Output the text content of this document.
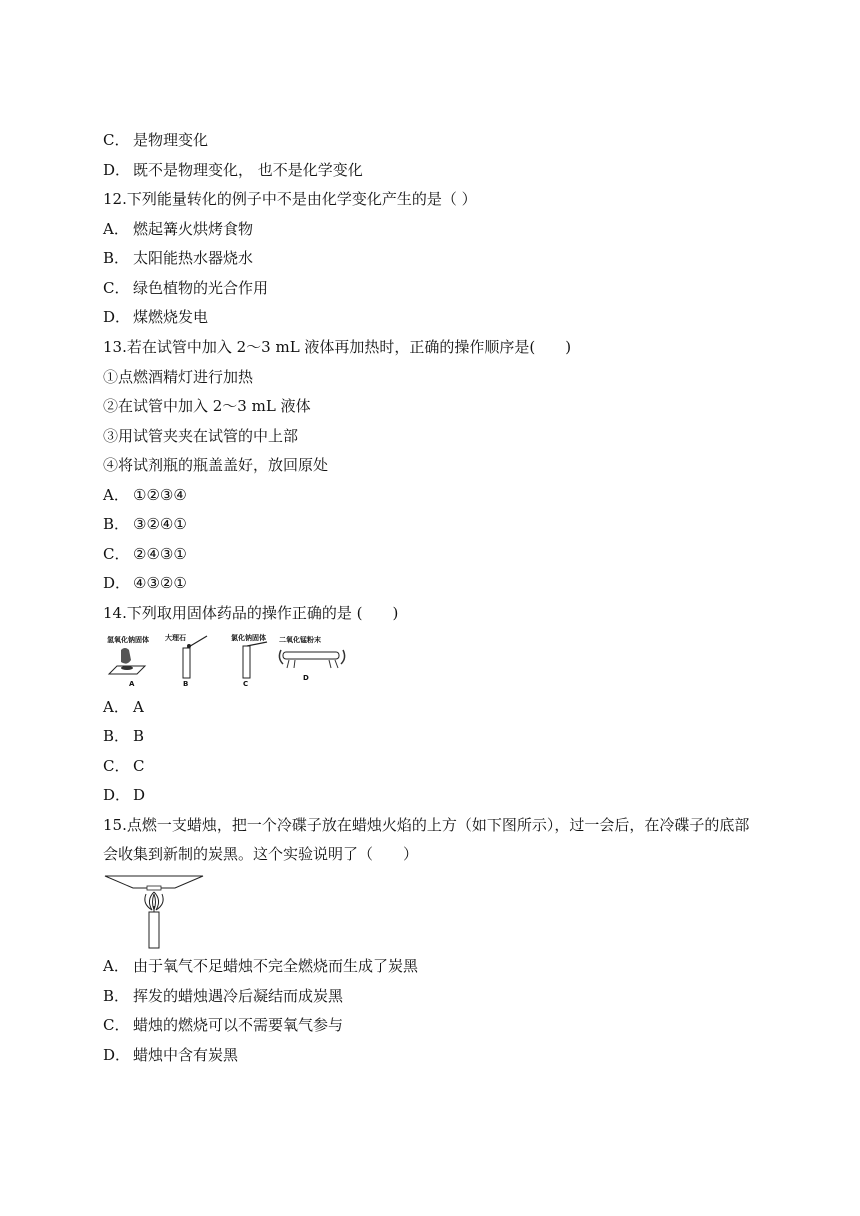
C． 是物理变化
D． 既不是物理变化， 也不是化学变化
12.下列能量转化的例子中不是由化学变化产生的是（ ）
A． 燃起篝火烘烤食物
B． 太阳能热水器烧水
C． 绿色植物的光合作用
D． 煤燃烧发电
13.若在试管中加入 2～3 mL 液体再加热时，正确的操作顺序是(　　)
①点燃酒精灯进行加热
②在试管中加入 2～3 mL 液体
③用试管夹夹在试管的中上部
④将试剂瓶的瓶盖盖好，放回原处
A． ①②③④
B． ③②④①
C． ②④③①
D． ④③②①
14.下列取用固体药品的操作正确的是 (　　)
氢氧化钠固体
A
大理石
B
氯化钠固体
C
二氧化锰粉末
D
A． A
B． B
C． C
D． D
15.点燃一支蜡烛，把一个冷碟子放在蜡烛火焰的上方（如下图所示），过一会后，在冷碟子的底部
会收集到新制的炭黑。这个实验说明了（　　）
A． 由于氧气不足蜡烛不完全燃烧而生成了炭黑
B． 挥发的蜡烛遇冷后凝结而成炭黑
C． 蜡烛的燃烧可以不需要氧气参与
D． 蜡烛中含有炭黑
